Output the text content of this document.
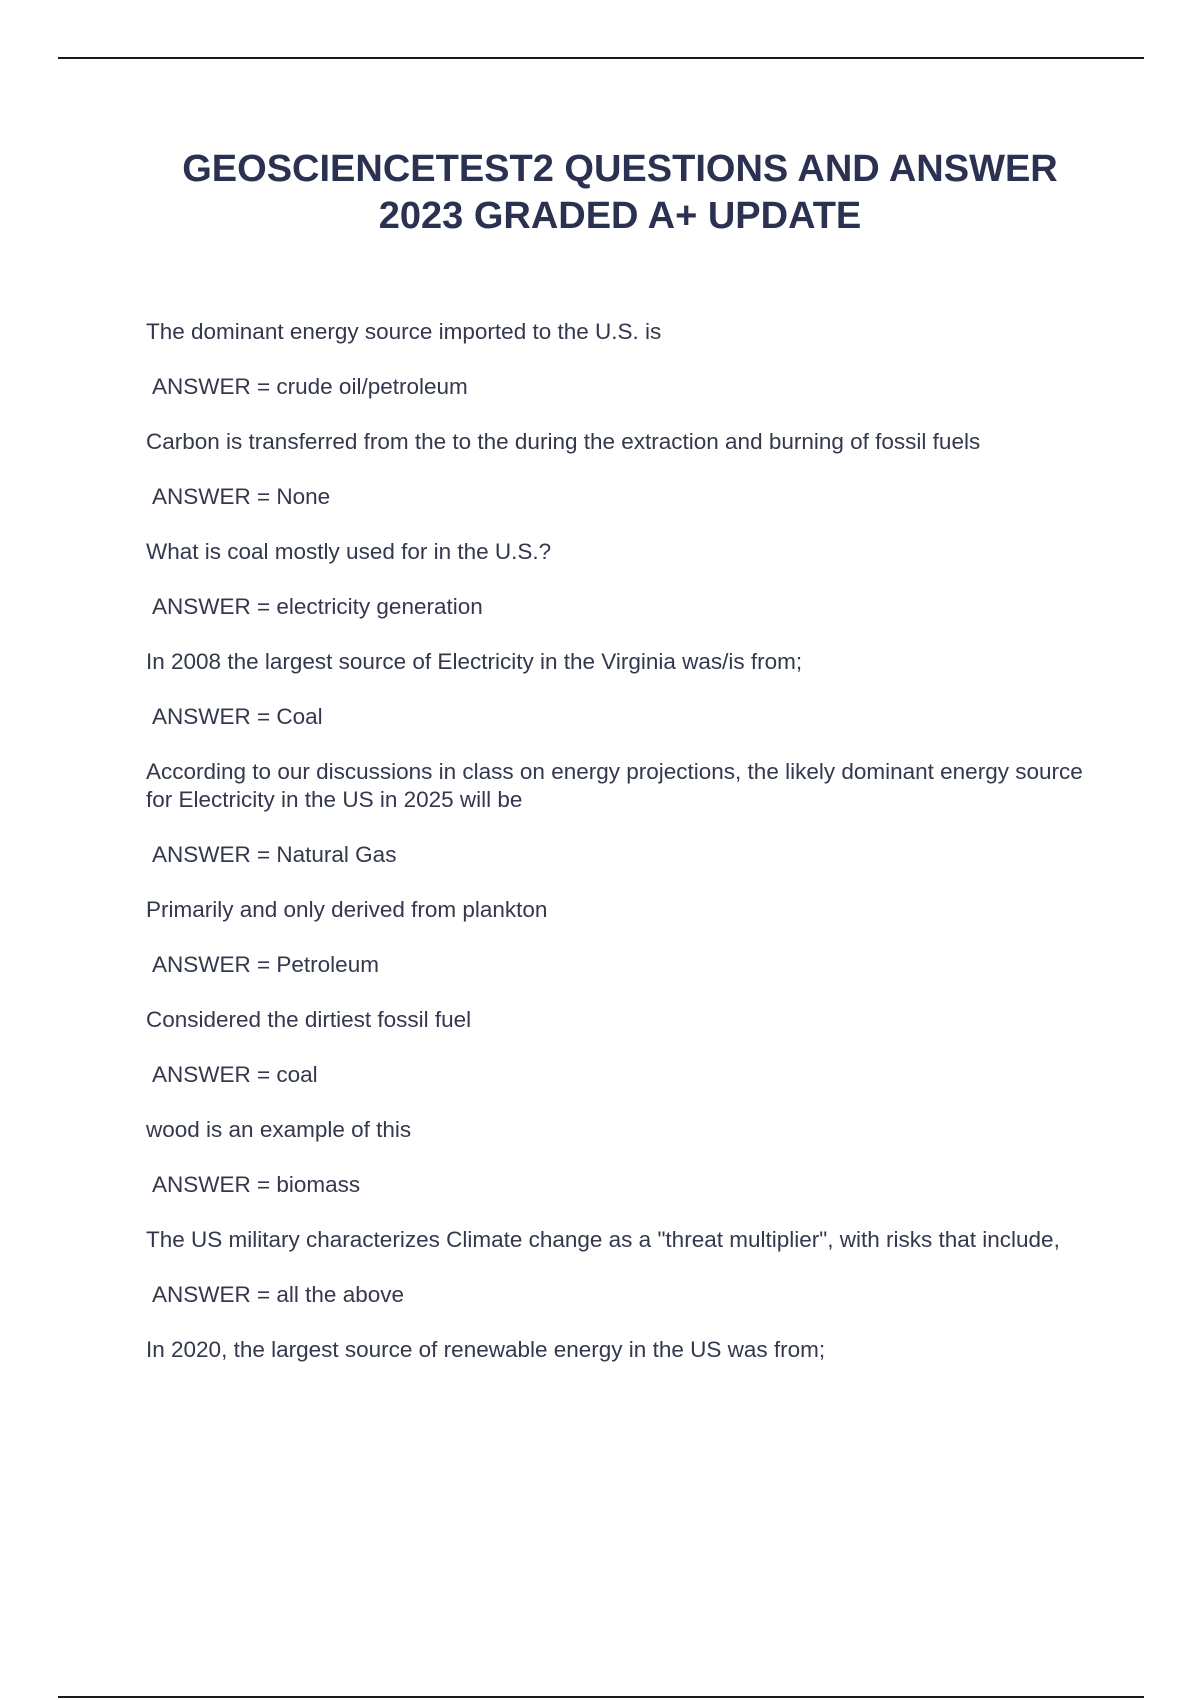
GEOSCIENCETEST2 QUESTIONS AND ANSWER
2023 GRADED A+ UPDATE

The dominant energy source imported to the U.S. is

ANSWER = crude oil/petroleum

Carbon is transferred from the to the during the extraction and burning of fossil fuels

ANSWER = None

What is coal mostly used for in the U.S.?

ANSWER = electricity generation

In 2008 the largest source of Electricity in the Virginia was/is from;

ANSWER = Coal

According to our discussions in class on energy projections, the likely dominant energy source for Electricity in the US in 2025 will be

ANSWER = Natural Gas

Primarily and only derived from plankton

ANSWER = Petroleum

Considered the dirtiest fossil fuel

ANSWER = coal

wood is an example of this

ANSWER = biomass

The US military characterizes Climate change as a "threat multiplier", with risks that include,

ANSWER = all the above

In 2020, the largest source of renewable energy in the US was from;
